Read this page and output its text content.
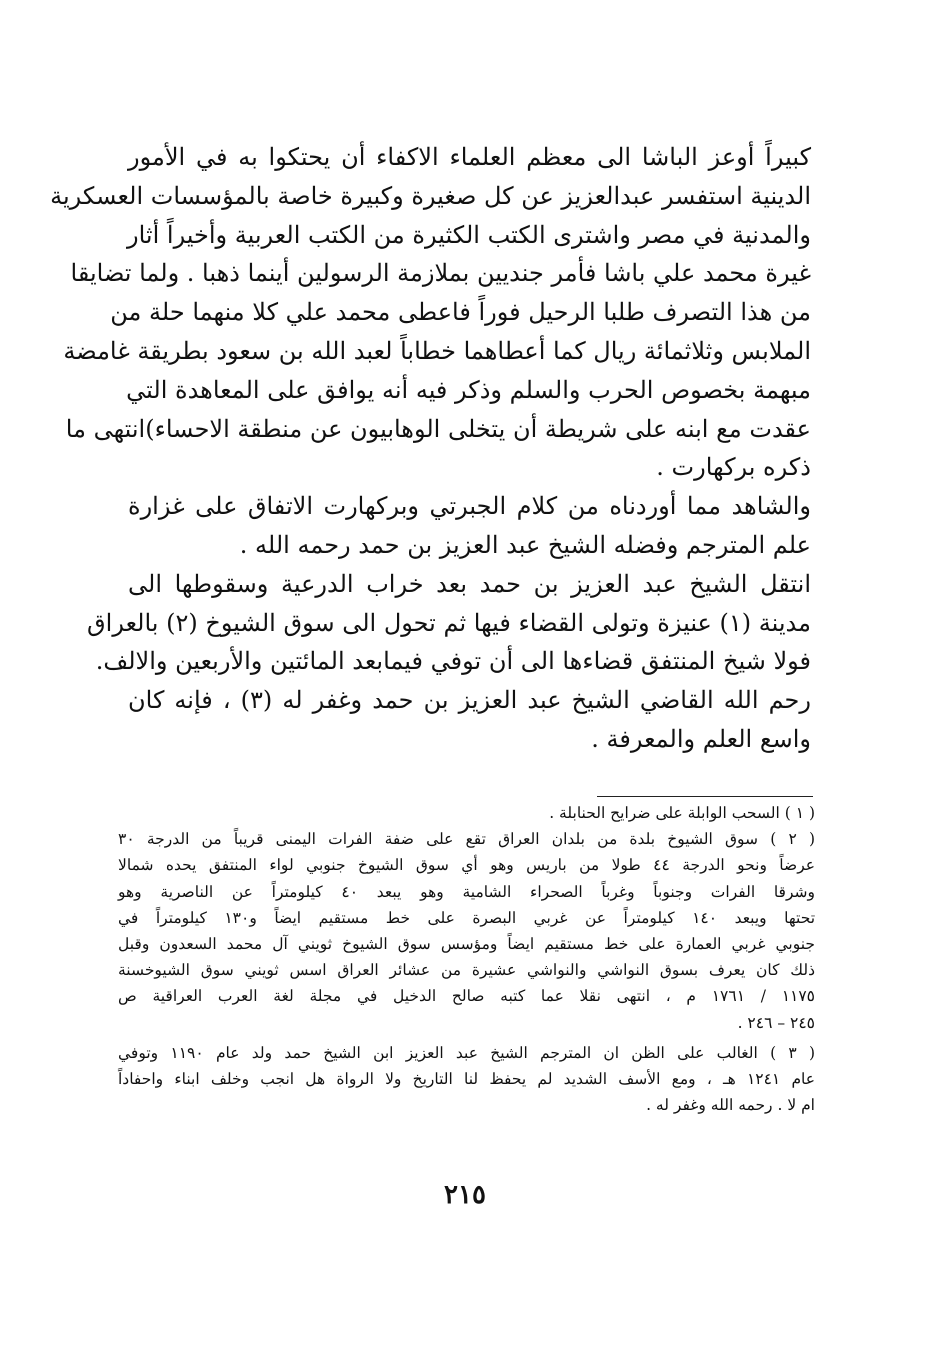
كبيراً أوعز الباشا الى معظم العلماء الاكفاء أن يحتكوا به في الأمور
الدينية استفسر عبدالعزيز عن كل صغيرة وكبيرة خاصة بالمؤسسات العسكرية
والمدنية في مصر واشترى الكتب الكثيرة من الكتب العربية وأخيراً أثار
غيرة محمد علي باشا فأمر جنديين بملازمة الرسولين أينما ذهبا . ولما تضايقا
من هذا التصرف طلبا الرحيل فوراً فاعطى محمد علي كلا منهما حلة من
الملابس وثلاثمائة ريال كما أعطاهما خطاباً لعبد الله بن سعود بطريقة غامضة
مبهمة بخصوص الحرب والسلم وذكر فيه أنه يوافق على المعاهدة التي
عقدت مع ابنه على شريطة أن يتخلى الوهابيون عن منطقة الاحساء)انتهى ما
ذكره بركهارت .
والشاهد مما أوردناه من كلام الجبرتي وبركهارت الاتفاق على غزارة
علم المترجم وفضله الشيخ عبد العزيز بن حمد رحمه الله .
انتقل الشيخ عبد العزيز بن حمد بعد خراب الدرعية وسقوطها الى
مدينة (١) عنيزة وتولى القضاء فيها ثم تحول الى سوق الشيوخ (٢) بالعراق
فولا شيخ المنتفق قضاءها الى أن توفي فيمابعد المائتين والأربعين والالف.
رحم الله القاضي الشيخ عبد العزيز بن حمد وغفر له (٣) ، فإنه كان
واسع العلم والمعرفة .
( ١ ) السحب الوابلة على ضرايح الحنابلة .
( ٢ ) سوق الشيوخ بلدة من بلدان العراق تقع على ضفة الفرات اليمنى قريباً من الدرجة ٣٠
عرضاً ونحو الدرجة ٤٤ طولا من باريس وهو أي سوق الشيوخ جنوبي لواء المنتفق يحده شمالا
وشرقا الفرات وجنوباً وغرباً الصحراء الشامية وهو يبعد ٤٠ كيلومتراً عن الناصرية وهو
تحتها ويبعد ١٤٠ كيلومتراً عن غربي البصرة على خط مستقيم ايضاً و١٣٠ كيلومتراً في
جنوبي غربي العمارة على خط مستقيم ايضاً ومؤسس سوق الشيوخ ثويني آل محمد السعدون وقبل
ذلك كان يعرف بسوق النواشي والنواشي عشيرة من عشائر العراق اسس ثويني سوق الشيوخسنة
١١٧٥ / ١٧٦١ م ، انتهى نقلا عما كتبه صالح الدخيل في مجلة لغة العرب العراقية ص
٢٤٥ – ٢٤٦ .
( ٣ ) الغالب على الظن ان المترجم الشيخ عبد العزيز ابن الشيخ حمد ولد عام ١١٩٠ وتوفي
عام ١٢٤١ هـ ، ومع الأسف الشديد لم يحفظ لنا التاريخ ولا الرواة هل انجب وخلف ابناء واحفاداً
ام لا . رحمه الله وغفر له .
٢١٥
